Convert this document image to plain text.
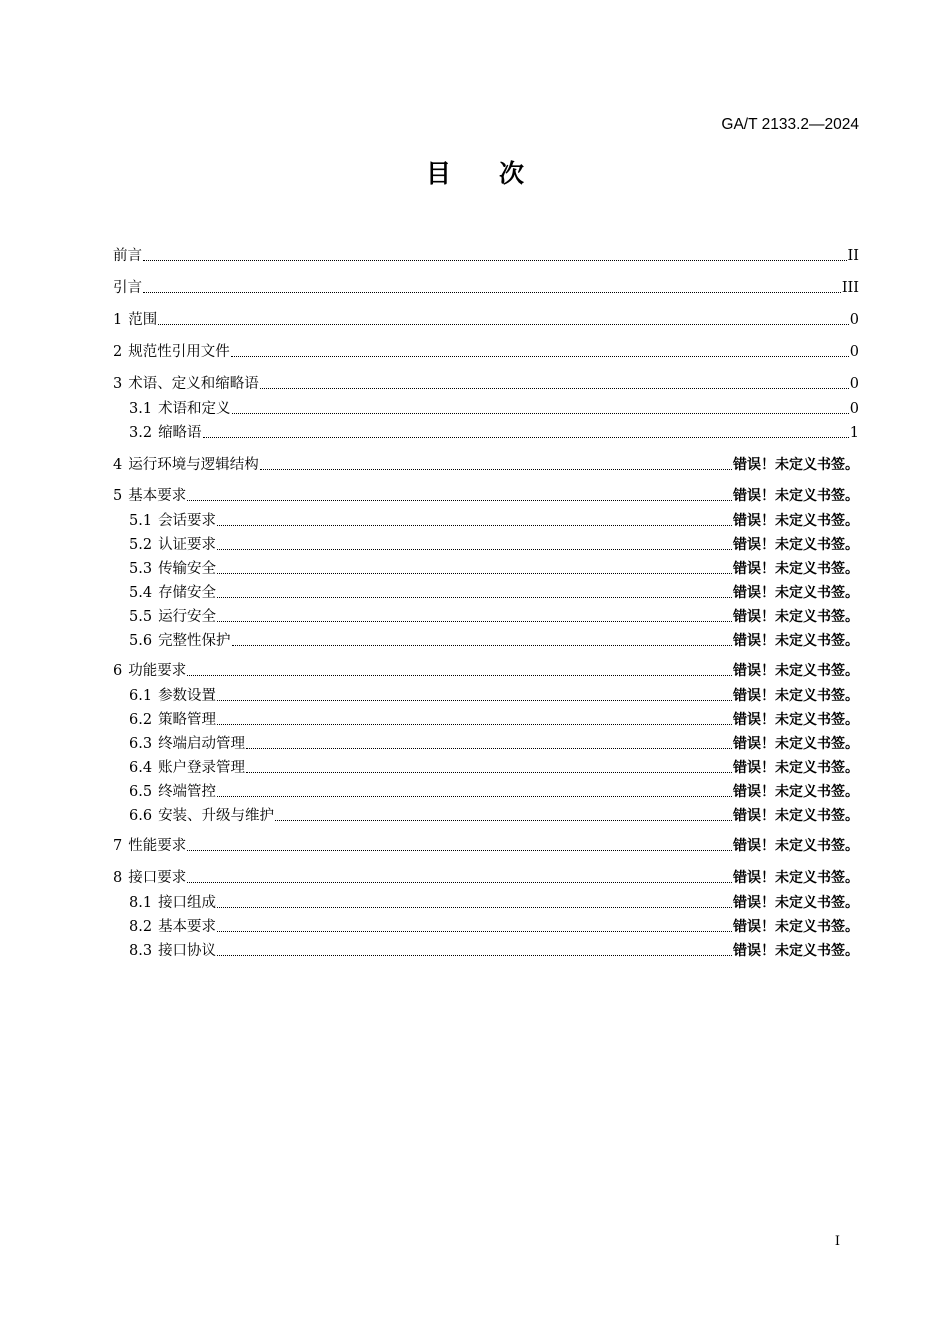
GA/T 2133.2—2024
目次
前言	II
引言	III
1 范围	0
2 规范性引用文件	0
3 术语、定义和缩略语	0
3.1 术语和定义	0
3.2 缩略语	1
4 运行环境与逻辑结构	错误！未定义书签。
5 基本要求	错误！未定义书签。
5.1 会话要求	错误！未定义书签。
5.2 认证要求	错误！未定义书签。
5.3 传输安全	错误！未定义书签。
5.4 存储安全	错误！未定义书签。
5.5 运行安全	错误！未定义书签。
5.6 完整性保护	错误！未定义书签。
6 功能要求	错误！未定义书签。
6.1 参数设置	错误！未定义书签。
6.2 策略管理	错误！未定义书签。
6.3 终端启动管理	错误！未定义书签。
6.4 账户登录管理	错误！未定义书签。
6.5 终端管控	错误！未定义书签。
6.6 安装、升级与维护	错误！未定义书签。
7 性能要求	错误！未定义书签。
8 接口要求	错误！未定义书签。
8.1 接口组成	错误！未定义书签。
8.2 基本要求	错误！未定义书签。
8.3 接口协议	错误！未定义书签。
I
